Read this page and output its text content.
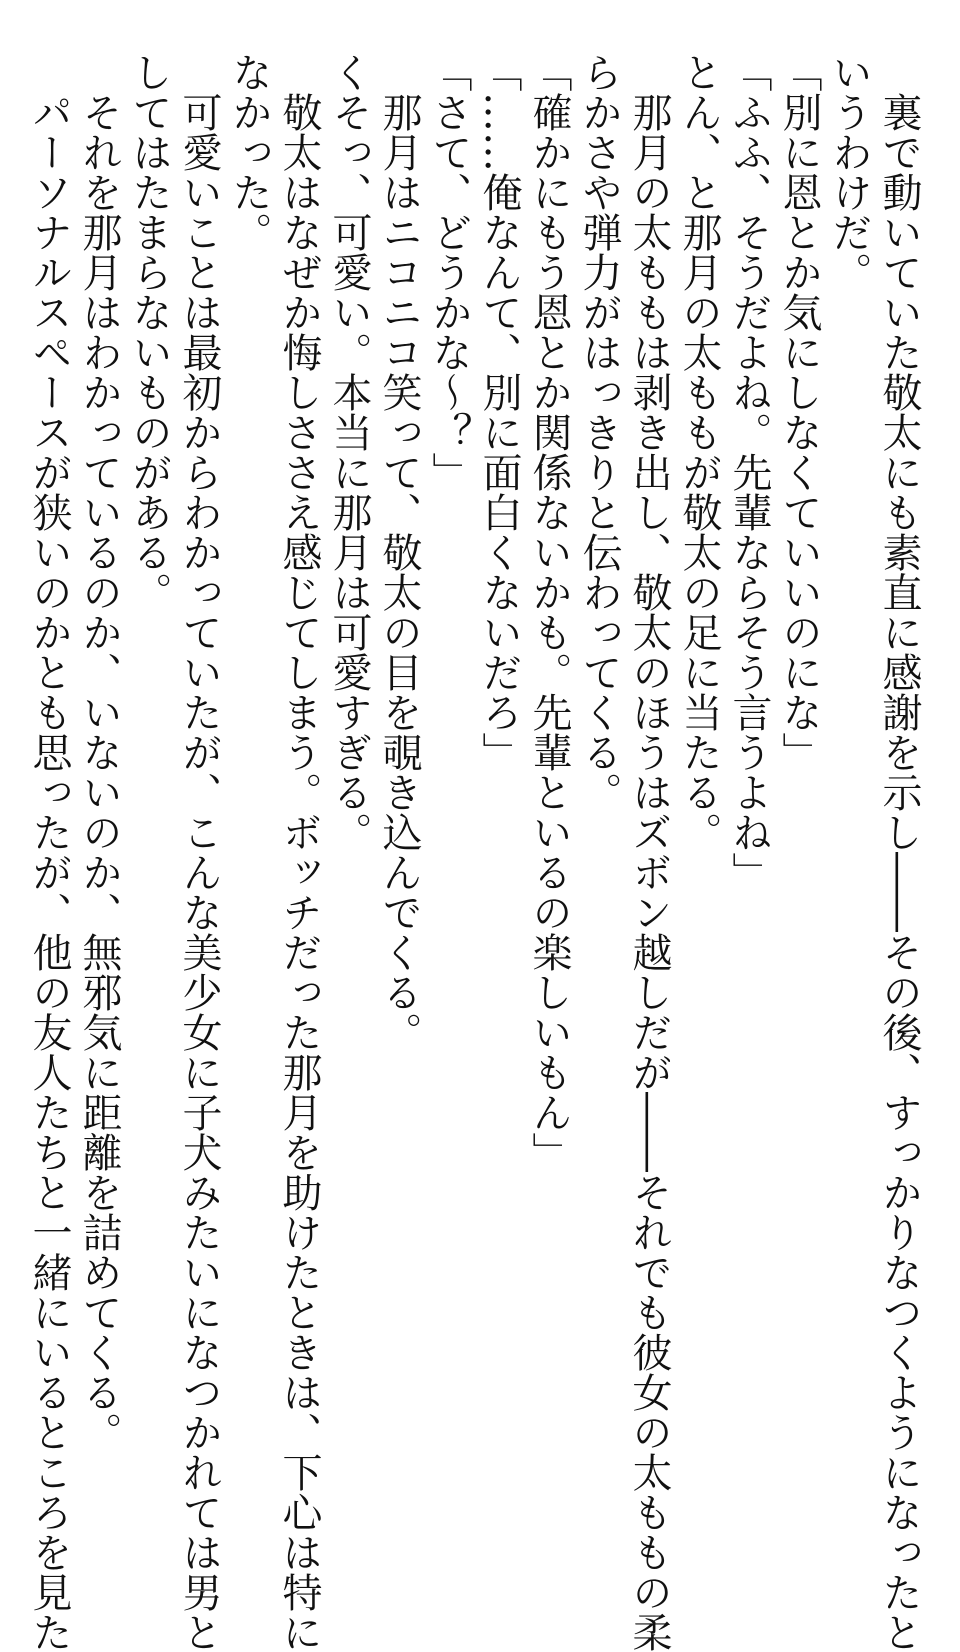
　裏で動いていた敬太にも素直に感謝を示し――その後、すっかりなつくようになったと
いうわけだ。
「別に恩とか気にしなくていいのにな」
「ふふ、そうだよね。先輩ならそう言うよね」
とん、と那月の太ももが敬太の足に当たる。
　那月の太ももは剥き出し、敬太のほうはズボン越しだが――それでも彼女の太ももの柔
らかさや弾力がはっきりと伝わってくる。
「確かにもう恩とか関係ないかも。先輩といるの楽しいもん」
「……俺なんて、別に面白くないだろ」
「さて、どうかな～？」
　那月はニコニコ笑って、敬太の目を覗き込んでくる。
くそっ、可愛い。本当に那月は可愛すぎる。
　敬太はなぜか悔しささえ感じてしまう。ボッチだった那月を助けたときは、下心は特に
なかった。
　可愛いことは最初からわかっていたが、こんな美少女に子犬みたいになつかれては男と
してはたまらないものがある。
　それを那月はわかっているのか、いないのか、無邪気に距離を詰めてくる。
　パーソナルスペースが狭いのかとも思ったが、他の友人たちと一緒にいるところを見た
